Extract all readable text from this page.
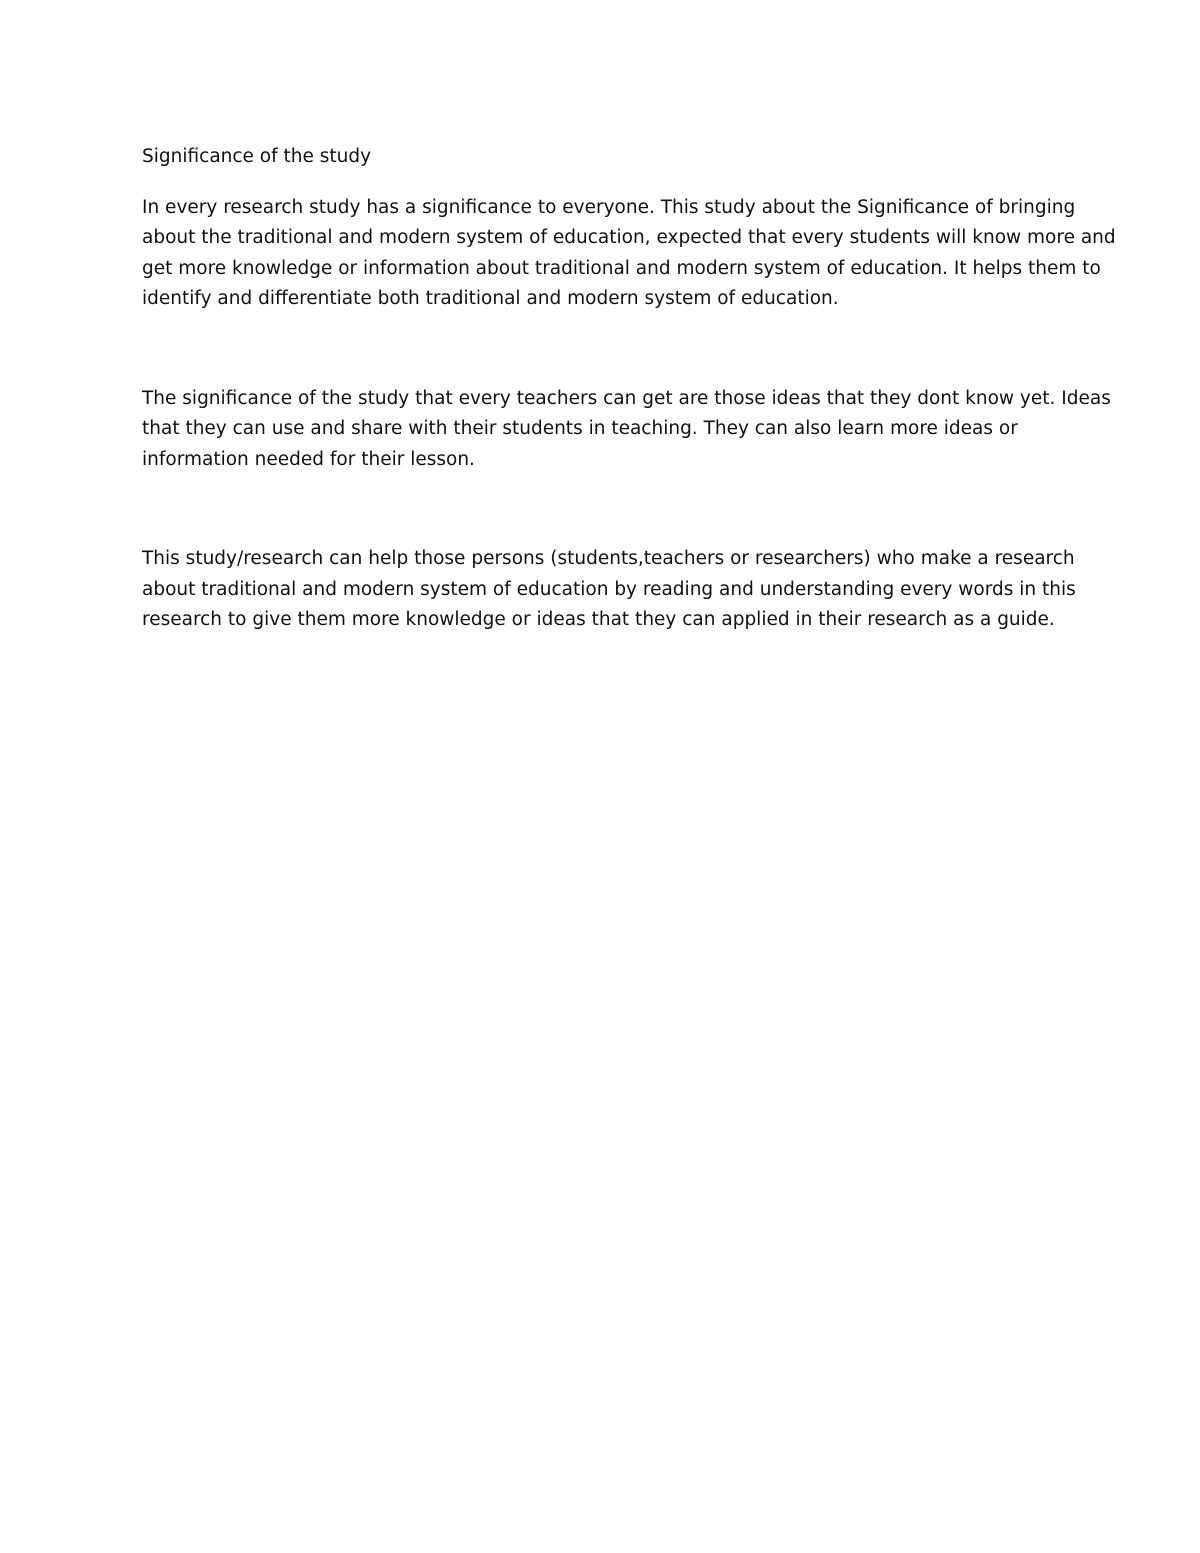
Significance of the study

In every research study has a significance to everyone. This study about the Significance of bringing
about the traditional and modern system of education, expected that every students will know more and
get more knowledge or information about traditional and modern system of education. It helps them to
identify and differentiate both traditional and modern system of education.

The significance of the study that every teachers can get are those ideas that they dont know yet. Ideas
that they can use and share with their students in teaching. They can also learn more ideas or
information needed for their lesson.

This study/research can help those persons (students,teachers or researchers) who make a research
about traditional and modern system of education by reading and understanding every words in this
research to give them more knowledge or ideas that they can applied in their research as a guide.
